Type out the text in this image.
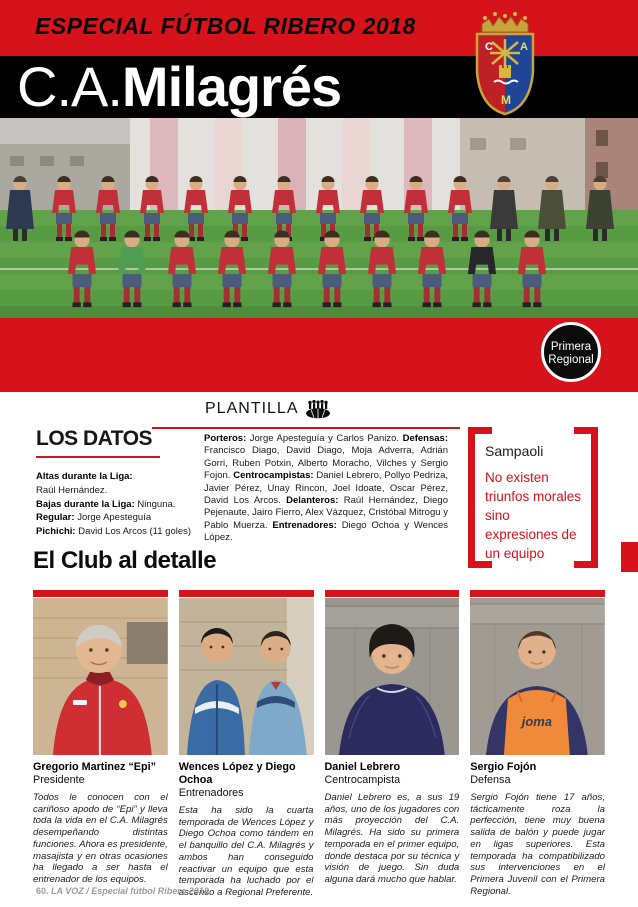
ESPECIAL FÚTBOL RIBERO 2018
C.A.Milagrés
C A
M
Primera
Regional
PLANTILLA

Porteros: Jorge Apesteguía y Carlos Panizo. Defensas: Francisco Diago, David Diago, Moja Adverra, Adrián Gorri, Ruben Potxin, Alberto Moracho, Vilches y Sergio Fojon. Centrocampistas: Daniel Lebrero, Pollyo Pedriza, Javier Pérez, Unay Rincon, Joel Idoate, Oscar Pérez, David Los Arcos. Delanteros: Raúl Hernández, Diego Pejenaute, Jairo Fierro, Alex Vázquez, Cristóbal Mitrogu y Pablo Muerza. Entrenadores: Diego Ochoa y Wences López.

LOS DATOS
Altas durante la Liga:
Raúl Hernández.
Bajas durante la Liga: Ninguna.
Regular: Jorge Apesteguía
Pichichi: David Los Arcos (11 goles)
Sampaoli
No existen triunfos morales sino expresiones de un equipo
El Club al detalle
Gregorio Martinez “Epi”
Presidente
Todos le conocen con el cariñoso apodo de “Epi” y lleva toda la vida en el C.A. Milagrés desempeñando distintas funciones. Ahora es presidente, masajista y en otras ocasiones ha llegado a ser hasta el entrenador de los equipos.
Wences López y Diego Ochoa
Entrenadores
Esta ha sido la cuarta temporada de Wences López y Diego Ochoa como tándem en el banquillo del C.A. Milagrés y ambos han conseguido reactivar un equipo que esta temporada ha luchado por el ascenso a Regional Preferente.
Daniel Lebrero
Centrocampista
Daniel Lebrero es, a sus 19 años, uno de los jugadores con más proyección del C.A. Milagrés. Ha sido su primera temporada en el primer equipo, donde destaca por su técnica y visión de juego. Sin duda alguna dará mucho que hablar.
joma
Sergio Fojón
Defensa
Sergio Fojón tiene 17 años, tácticamente roza la perfección, tiene muy buena salida de balón y puede jugar en ligas superiores. Esta temporada ha compatibilizado sus intervenciones en el Primera Juvenil con el Primera Regional.
60. LA VOZ / Especial fútbol Ribero 2018
